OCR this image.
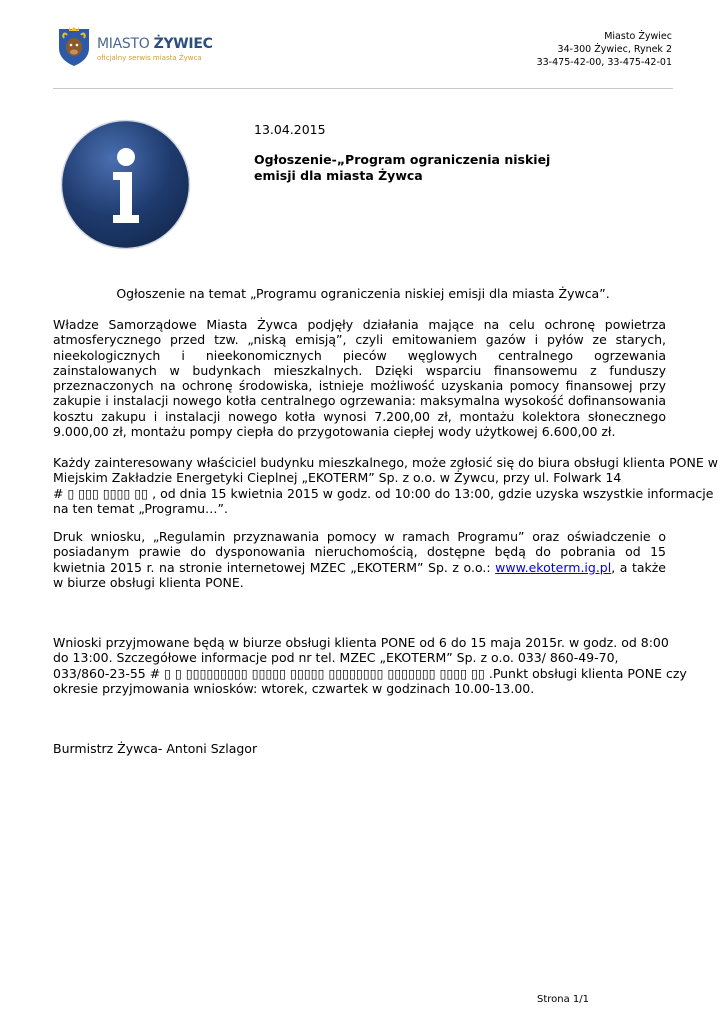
MIASTO ŻYWIEC
oficjalny serwis miasta Żywca
Miasto Żywiec
34-300 Żywiec, Rynek 2
33-475-42-00, 33-475-42-01
13.04.2015
Ogłoszenie-„Program ograniczenia niskiej emisji dla miasta Żywca
Ogłoszenie na temat „Programu ograniczenia niskiej emisji dla miasta Żywca”.
Władze Samorządowe Miasta Żywca podjęły działania mające na celu ochronę powietrza atmosferycznego przed tzw. „niską emisją”, czyli emitowaniem gazów i pyłów ze starych, nieekologicznych i nieekonomicznych pieców węglowych centralnego ogrzewania zainstalowanych w budynkach mieszkalnych. Dzięki wsparciu finansowemu z funduszy przeznaczonych na ochronę środowiska, istnieje możliwość uzyskania pomocy finansowej przy zakupie i instalacji nowego kotła centralnego ogrzewania: maksymalna wysokość dofinansowania kosztu zakupu i instalacji nowego kotła wynosi 7.200,00 zł, montażu kolektora słonecznego 9.000,00 zł, montażu pompy ciepła do przygotowania ciepłej wody użytkowej 6.600,00 zł.
Każdy zainteresowany właściciel budynku mieszkalnego, może zgłosić się do biura obsługi klienta PONE w Miejskim Zakładzie Energetyki Cieplnej „EKOTERM” Sp. z o.o. w Żywcu, przy ul. Folwark 14
# ▯ ▯▯▯ ▯▯▯▯ ▯▯ , od dnia 15 kwietnia 2015 w godz. od 10:00 do 13:00, gdzie uzyska wszystkie informacje
na ten temat „Programu…”.
Druk wniosku, „Regulamin przyznawania pomocy w ramach Programu” oraz oświadczenie o posiadanym prawie do dysponowania nieruchomością, dostępne będą do pobrania od 15 kwietnia 2015 r. na stronie internetowej MZEC „EKOTERM” Sp. z o.o.: www.ekoterm.ig.pl, a także w biurze obsługi klienta PONE.
Wnioski przyjmowane będą w biurze obsługi klienta PONE od 6 do 15 maja 2015r. w godz. od 8:00
do 13:00. Szczegółowe informacje pod nr tel. MZEC „EKOTERM” Sp. z o.o. 033/ 860-49-70,
033/860-23-55 # ▯ ▯ ▯▯▯▯▯▯▯▯▯ ▯▯▯▯▯ ▯▯▯▯▯ ▯▯▯▯▯▯▯▯ ▯▯▯▯▯▯▯ ▯▯▯▯ ▯▯ .Punkt obsługi klienta PONE czy
okresie przyjmowania wniosków: wtorek, czwartek w godzinach 10.00-13.00.
Burmistrz Żywca- Antoni Szlagor
Strona 1/1
